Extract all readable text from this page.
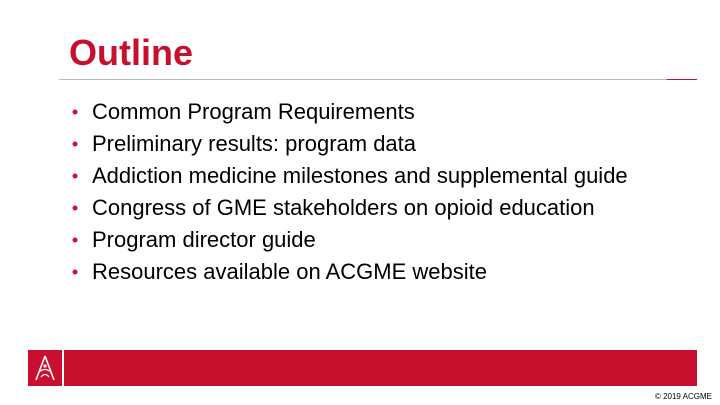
Outline
• Common Program Requirements
• Preliminary results: program data
• Addiction medicine milestones and supplemental guide
• Congress of GME stakeholders on opioid education
• Program director guide
• Resources available on ACGME website
© 2019 ACGME
